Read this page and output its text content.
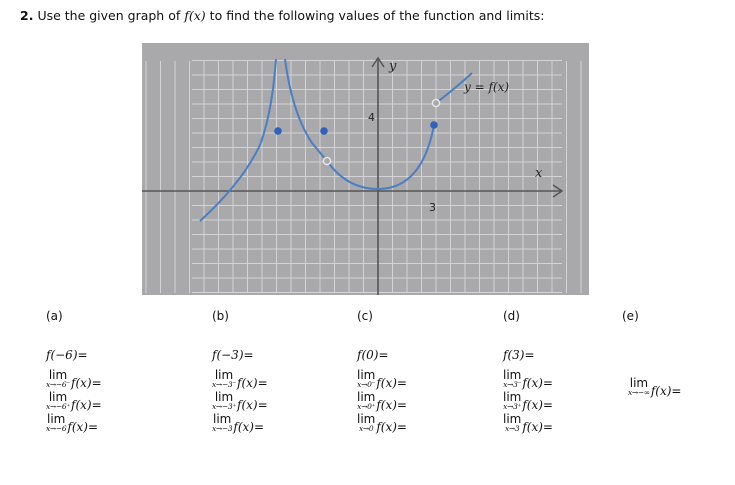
2. Use the given graph of f(x) to find the following values of the function and limits:
y
x
4
3
y = f(x)
(a)
f(−6)=
lim
x→−6⁻ f(x)=
lim
x→−6⁺ f(x)=
lim
x→−6 f(x)=
(b)
f(−3)=
lim
x→−3⁻ f(x)=
lim
x→−3⁺ f(x)=
lim
x→−3 f(x)=
(c)
f(0)=
lim
x→0⁻ f(x)=
lim
x→0⁺ f(x)=
lim
x→0 f(x)=
(d)
f(3)=
lim
x→3⁻ f(x)=
lim
x→3⁺ f(x)=
lim
x→3 f(x)=
(e)
lim
x→−∞ f(x)=
